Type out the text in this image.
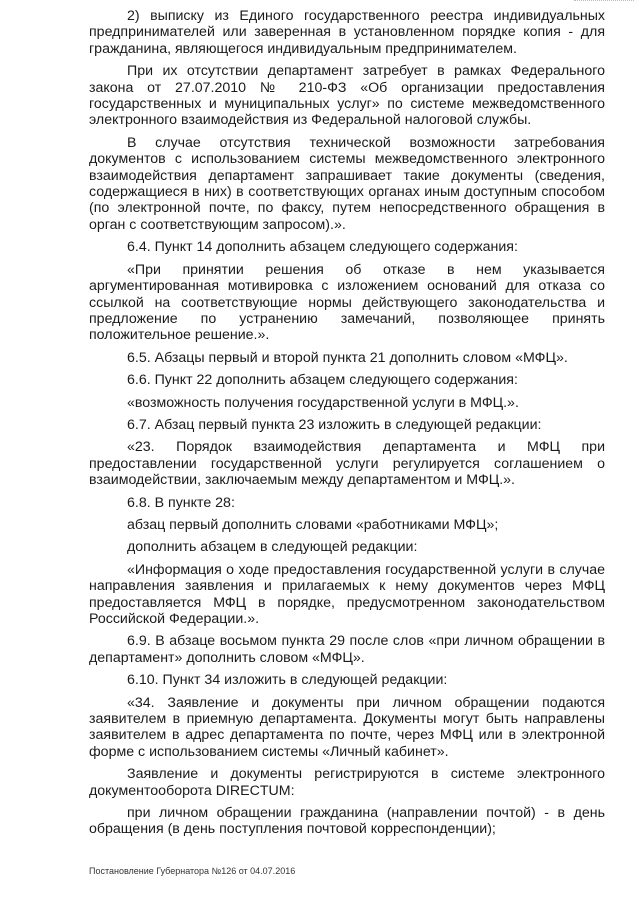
2) выписку из Единого государственного реестра индивидуальных предпринимателей или заверенная в установленном порядке копия - для гражданина, являющегося индивидуальным предпринимателем.

При их отсутствии департамент затребует в рамках Федерального закона от 27.07.2010 № 210-ФЗ «Об организации предоставления государственных и муниципальных услуг» по системе межведомственного электронного взаимодействия из Федеральной налоговой службы.

В случае отсутствия технической возможности затребования документов с использованием системы межведомственного электронного взаимодействия департамент запрашивает такие документы (сведения, содержащиеся в них) в соответствующих органах иным доступным способом (по электронной почте, по факсу, путем непосредственного обращения в орган с соответствующим запросом).».

6.4. Пункт 14 дополнить абзацем следующего содержания:

«При принятии решения об отказе в нем указывается аргументированная мотивировка с изложением оснований для отказа со ссылкой на соответствующие нормы действующего законодательства и предложение по устранению замечаний, позволяющее принять положительное решение.».

6.5. Абзацы первый и второй пункта 21 дополнить словом «МФЦ».

6.6. Пункт 22 дополнить абзацем следующего содержания:

«возможность получения государственной услуги в МФЦ.».

6.7. Абзац первый пункта 23 изложить в следующей редакции:

«23. Порядок взаимодействия департамента и МФЦ при предоставлении государственной услуги регулируется соглашением о взаимодействии, заключаемым между департаментом и МФЦ.».

6.8. В пункте 28:

абзац первый дополнить словами «работниками МФЦ»;

дополнить абзацем в следующей редакции:

«Информация о ходе предоставления государственной услуги в случае направления заявления и прилагаемых к нему документов через МФЦ предоставляется МФЦ в порядке, предусмотренном законодательством Российской Федерации.».

6.9. В абзаце восьмом пункта 29 после слов «при личном обращении в департамент» дополнить словом «МФЦ».

6.10. Пункт 34 изложить в следующей редакции:

«34. Заявление и документы при личном обращении подаются заявителем в приемную департамента. Документы могут быть направлены заявителем в адрес департамента по почте, через МФЦ или в электронной форме с использованием системы «Личный кабинет».

Заявление и документы регистрируются в системе электронного документооборота DIRECTUM:

при личном обращении гражданина (направлении почтой) - в день обращения (в день поступления почтовой корреспонденции);

Постановление Губернатора №126 от 04.07.2016
